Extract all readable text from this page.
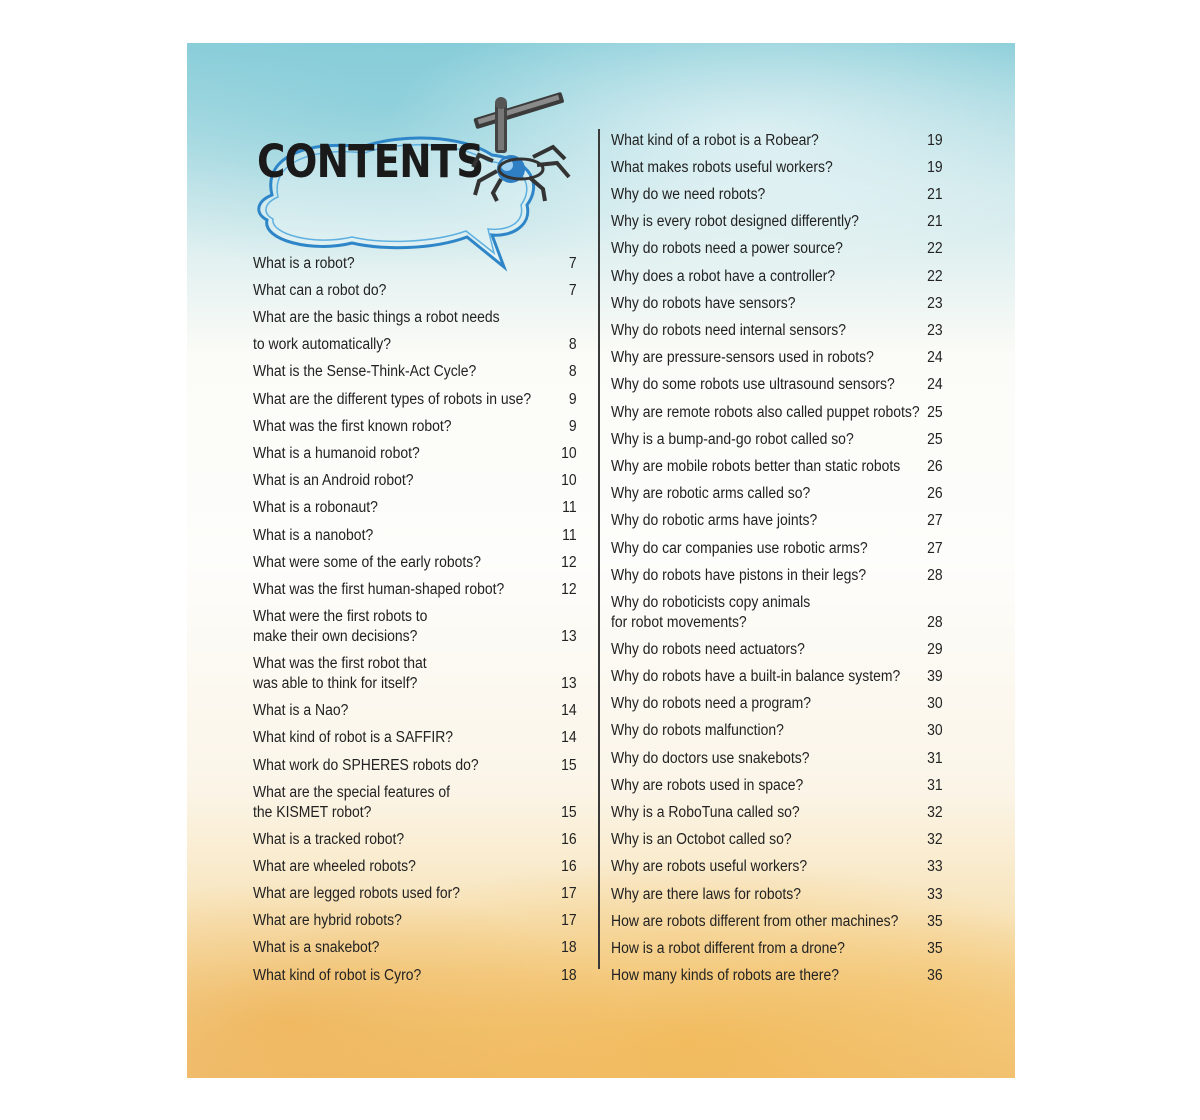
CONTENTS
What is a robot?	7
What can a robot do?	7
What are the basic things a robot needs
to work automatically?	8
What is the Sense-Think-Act Cycle?	8
What are the different types of robots in use?	9
What was the first known robot?	9
What is a humanoid robot?	10
What is an Android robot?	10
What is a robonaut?	11
What is a nanobot?	11
What were some of the early robots?	12
What was the first human-shaped robot?	12
What were the first robots to
make their own decisions?	13
What was the first robot that
was able to think for itself?	13
What is a Nao?	14
What kind of robot is a SAFFIR?	14
What work do SPHERES robots do?	15
What are the special features of
the KISMET robot?	15
What is a tracked robot?	16
What are wheeled robots?	16
What are legged robots used for?	17
What are hybrid robots?	17
What is a snakebot?	18
What kind of robot is Cyro?	18
What kind of a robot is a Robear?	19
What makes robots useful workers?	19
Why do we need robots?	21
Why is every robot designed differently?	21
Why do robots need a power source?	22
Why does a robot have a controller?	22
Why do robots have sensors?	23
Why do robots need internal sensors?	23
Why are pressure-sensors used in robots?	24
Why do some robots use ultrasound sensors? 24
Why are remote robots also called puppet robots? 25
Why is a bump-and-go robot called so?	25
Why are mobile robots better than static robots 26
Why are robotic arms called so?	26
Why do robotic arms have joints?	27
Why do car companies use robotic arms?	27
Why do robots have pistons in their legs?	28
Why do roboticists copy animals
for robot movements?	28
Why do robots need actuators?	29
Why do robots have a built-in balance system? 39
Why do robots need a program?	30
Why do robots malfunction?	30
Why do doctors use snakebots?	31
Why are robots used in space?	31
Why is a RoboTuna called so?	32
Why is an Octobot called so?	32
Why are robots useful workers?	33
Why are there laws for robots?	33
How are robots different from other machines? 35
How is a robot different from a drone?	35
How many kinds of robots are there?	36
